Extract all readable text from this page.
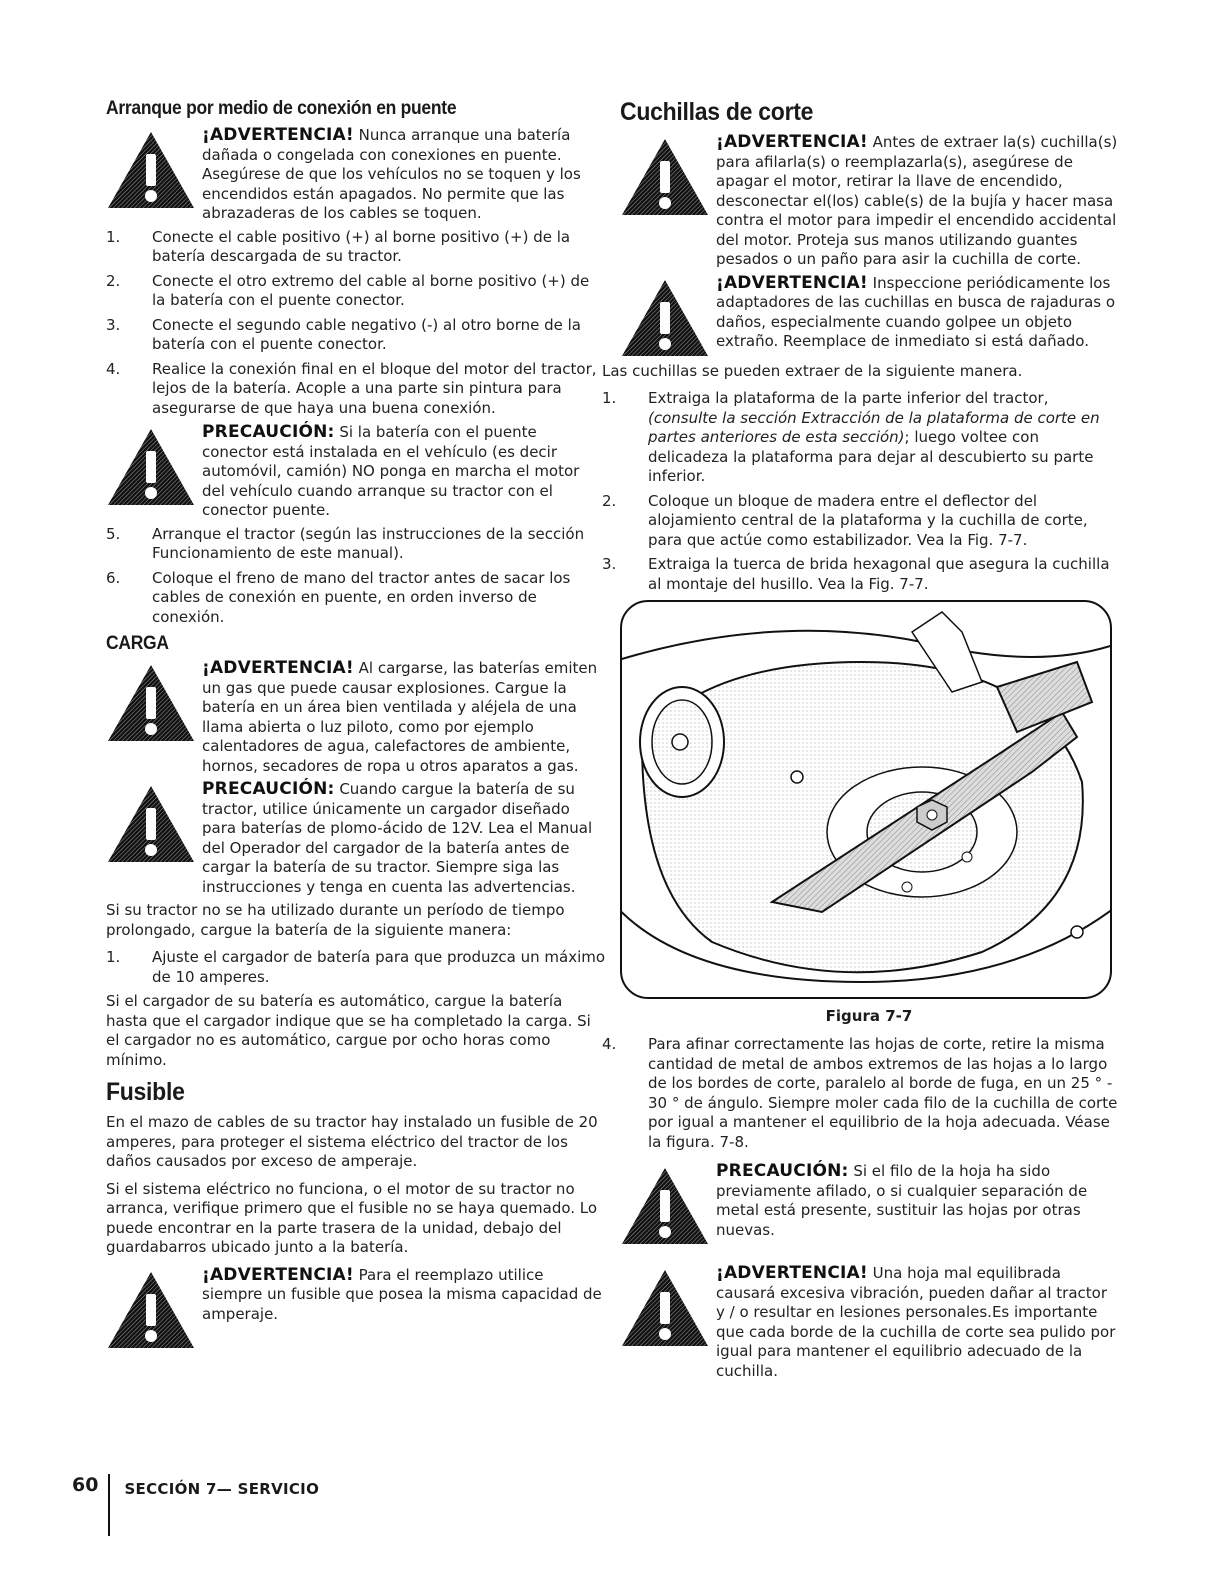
Arranque por medio de conexión en puente
¡ADVERTENCIA! Nunca arranque una batería dañada o congelada con conexiones en puente. Asegúrese de que los vehículos no se toquen y los encendidos están apagados. No permite que las abrazaderas de los cables se toquen.
1. Conecte el cable positivo (+) al borne positivo (+) de la batería descargada de su tractor.
2. Conecte el otro extremo del cable al borne positivo (+) de la batería con el puente conector.
3. Conecte el segundo cable negativo (-) al otro borne de la batería con el puente conector.
4. Realice la conexión final en el bloque del motor del tractor, lejos de la batería. Acople a una parte sin pintura para asegurarse de que haya una buena conexión.
PRECAUCIÓN: Si la batería con el puente conector está instalada en el vehículo (es decir automóvil, camión) NO ponga en marcha el motor del vehículo cuando arranque su tractor con el conector puente.
5. Arranque el tractor (según las instrucciones de la sección Funcionamiento de este manual).
6. Coloque el freno de mano del tractor antes de sacar los cables de conexión en puente, en orden inverso de conexión.
CARGA
¡ADVERTENCIA! Al cargarse, las baterías emiten un gas que puede causar explosiones. Cargue la batería en un área bien ventilada y aléjela de una llama abierta o luz piloto, como por ejemplo calentadores de agua, calefactores de ambiente, hornos, secadores de ropa u otros aparatos a gas.
PRECAUCIÓN: Cuando cargue la batería de su tractor, utilice únicamente un cargador diseñado para baterías de plomo-ácido de 12V. Lea el Manual del Operador del cargador de la batería antes de cargar la batería de su tractor. Siempre siga las instrucciones y tenga en cuenta las advertencias.

Si su tractor no se ha utilizado durante un período de tiempo prolongado, cargue la batería de la siguiente manera:

1. Ajuste el cargador de batería para que produzca un máximo de 10 amperes.

Si el cargador de su batería es automático, cargue la batería hasta que el cargador indique que se ha completado la carga. Si el cargador no es automático, cargue por ocho horas como mínimo.

Fusible

En el mazo de cables de su tractor hay instalado un fusible de 20 amperes, para proteger el sistema eléctrico del tractor de los daños causados por exceso de amperaje.

Si el sistema eléctrico no funciona, o el motor de su tractor no arranca, verifique primero que el fusible no se haya quemado. Lo puede encontrar en la parte trasera de la unidad, debajo del guardabarros ubicado junto a la batería.

¡ADVERTENCIA! Para el reemplazo utilice siempre un fusible que posea la misma capacidad de amperaje.
Cuchillas de corte
¡ADVERTENCIA! Antes de extraer la(s) cuchilla(s) para afilarla(s) o reemplazarla(s), asegúrese de apagar el motor, retirar la llave de encendido, desconectar el(los) cable(s) de la bujía y hacer masa contra el motor para impedir el encendido accidental del motor. Proteja sus manos utilizando guantes pesados o un paño para asir la cuchilla de corte.
¡ADVERTENCIA! Inspeccione periódicamente los adaptadores de las cuchillas en busca de rajaduras o daños, especialmente cuando golpee un objeto extraño. Reemplace de inmediato si está dañado.

Las cuchillas se pueden extraer de la siguiente manera.

1. Extraiga la plataforma de la parte inferior del tractor, (consulte la sección Extracción de la plataforma de corte en partes anteriores de esta sección); luego voltee con delicadeza la plataforma para dejar al descubierto su parte inferior.
2. Coloque un bloque de madera entre el deflector del alojamiento central de la plataforma y la cuchilla de corte, para que actúe como estabilizador. Vea la Fig. 7-7.
3. Extraiga la tuerca de brida hexagonal que asegura la cuchilla al montaje del husillo. Vea la Fig. 7-7.
Figura 7-7
4. Para afinar correctamente las hojas de corte, retire la misma cantidad de metal de ambos extremos de las hojas a lo largo de los bordes de corte, paralelo al borde de fuga, en un 25 ° - 30 ° de ángulo. Siempre moler cada filo de la cuchilla de corte por igual a mantener el equilibrio de la hoja adecuada. Véase la figura. 7-8.
PRECAUCIÓN: Si el filo de la hoja ha sido previamente afilado, o si cualquier separación de metal está presente, sustituir las hojas por otras nuevas.
¡ADVERTENCIA! Una hoja mal equilibrada causará excesiva vibración, pueden dañar al tractor y / o resultar en lesiones personales.Es importante que cada borde de la cuchilla de corte sea pulido por igual para mantener el equilibrio adecuado de la cuchilla.
60 SECCIÓN 7— SERVICIO
